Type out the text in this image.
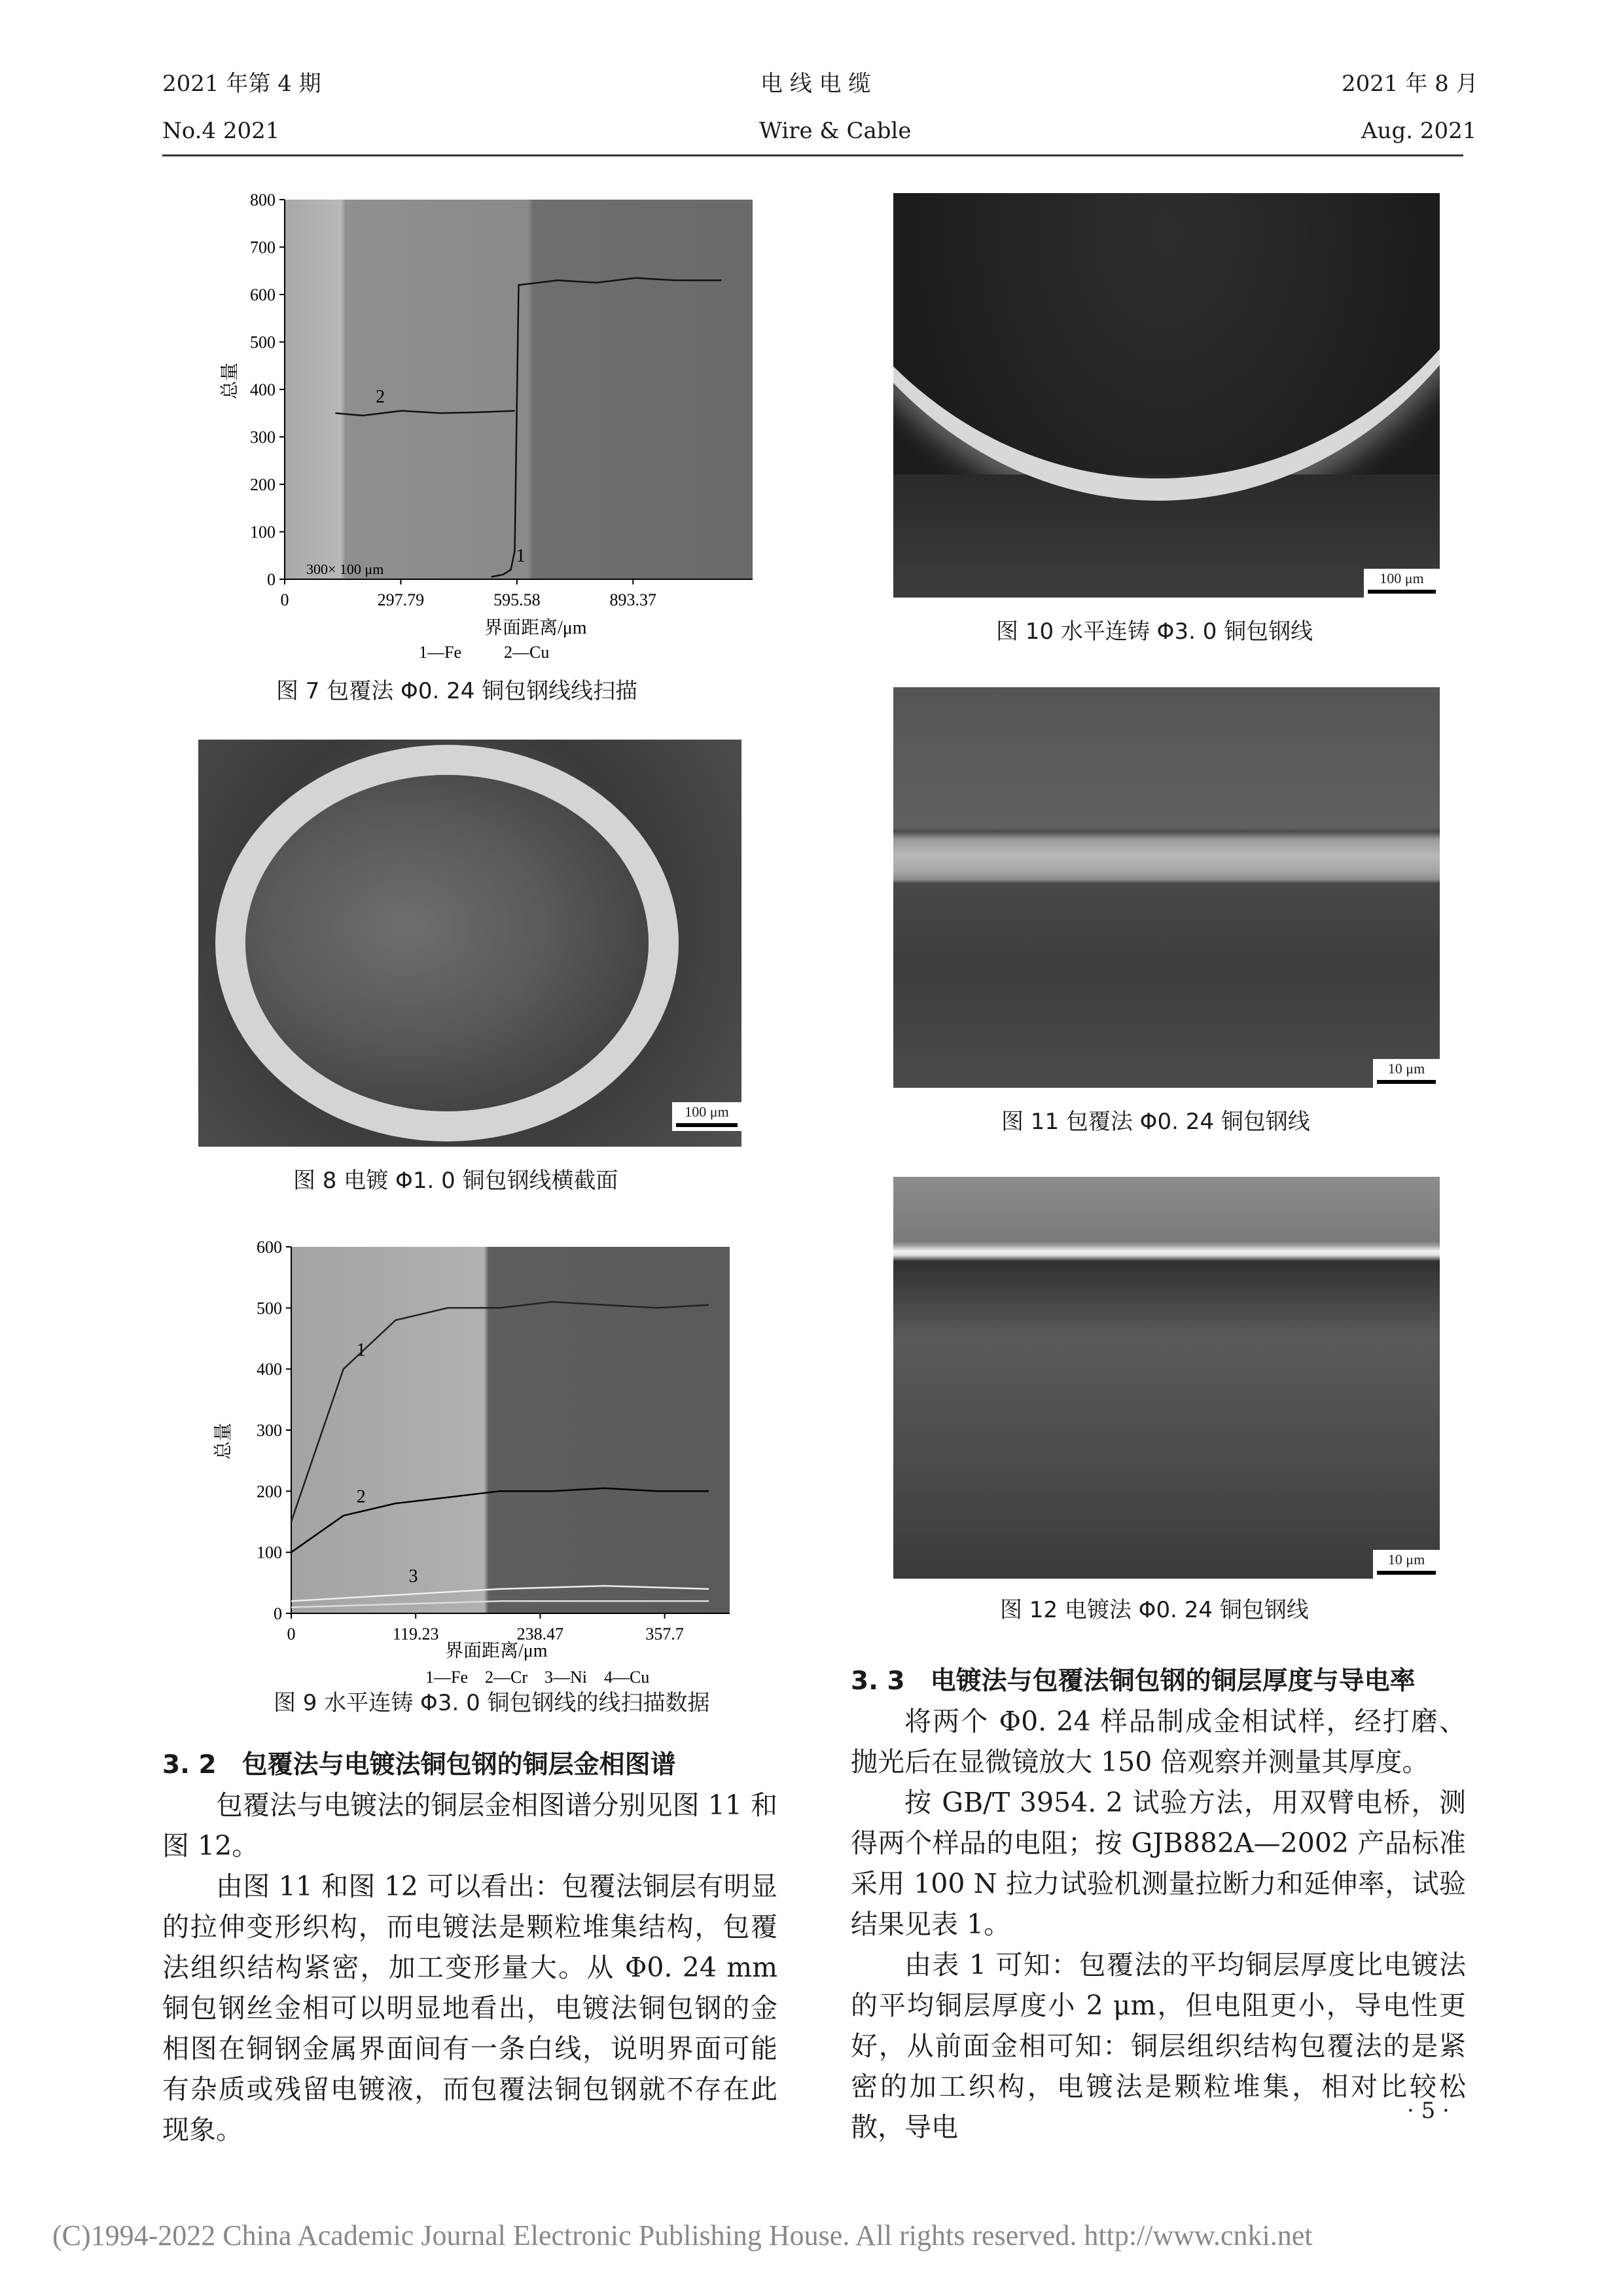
2021 年第 4 期
No.4 2021
电 线 电 缆
Wire & Cable
2021 年 8 月
Aug. 2021
0
100
200
300
400
500
600
700
800
0	297.79	595.58	893.37
1
2
300× 100 μm
总量
界面距离/μm
1—Fe          2—Cu
图 7 包覆法 Φ0. 24 铜包钢线线扫描
100 μm
图 8 电镀 Φ1. 0 铜包钢线横截面
0
100
200
300
400
500
600
0	119.23	238.47	357.7
1
2
3
总量
界面距离/μm
1—Fe    2—Cr    3—Ni    4—Cu
图 9 水平连铸 Φ3. 0 铜包钢线的线扫描数据
100 μm
图 10 水平连铸 Φ3. 0 铜包钢线
10 μm
图 11 包覆法 Φ0. 24 铜包钢线
10 μm
图 12 电镀法 Φ0. 24 铜包钢线
3. 2  包覆法与电镀法铜包钢的铜层金相图谱

包覆法与电镀法的铜层金相图谱分别见图 11 和图 12。

由图 11 和图 12 可以看出：包覆法铜层有明显的拉伸变形织构，而电镀法是颗粒堆集结构，包覆法组织结构紧密，加工变形量大。从 Φ0. 24 mm 铜包钢丝金相可以明显地看出，电镀法铜包钢的金相图在铜钢金属界面间有一条白线，说明界面可能有杂质或残留电镀液，而包覆法铜包钢就不存在此现象。

3. 3  电镀法与包覆法铜包钢的铜层厚度与导电率

将两个 Φ0. 24 样品制成金相试样，经打磨、抛光后在显微镜放大 150 倍观察并测量其厚度。

按 GB/T 3954. 2 试验方法，用双臂电桥，测得两个样品的电阻；按 GJB882A—2002 产品标准采用 100 N 拉力试验机测量拉断力和延伸率，试验结果见表 1。

由表 1 可知：包覆法的平均铜层厚度比电镀法的平均铜层厚度小 2 μm，但电阻更小，导电性更好，从前面金相可知：铜层组织结构包覆法的是紧密的加工织构，电镀法是颗粒堆集，相对比较松散，导电

· 5 ·
(C)1994-2022 China Academic Journal Electronic Publishing House. All rights reserved. http://www.cnki.net
